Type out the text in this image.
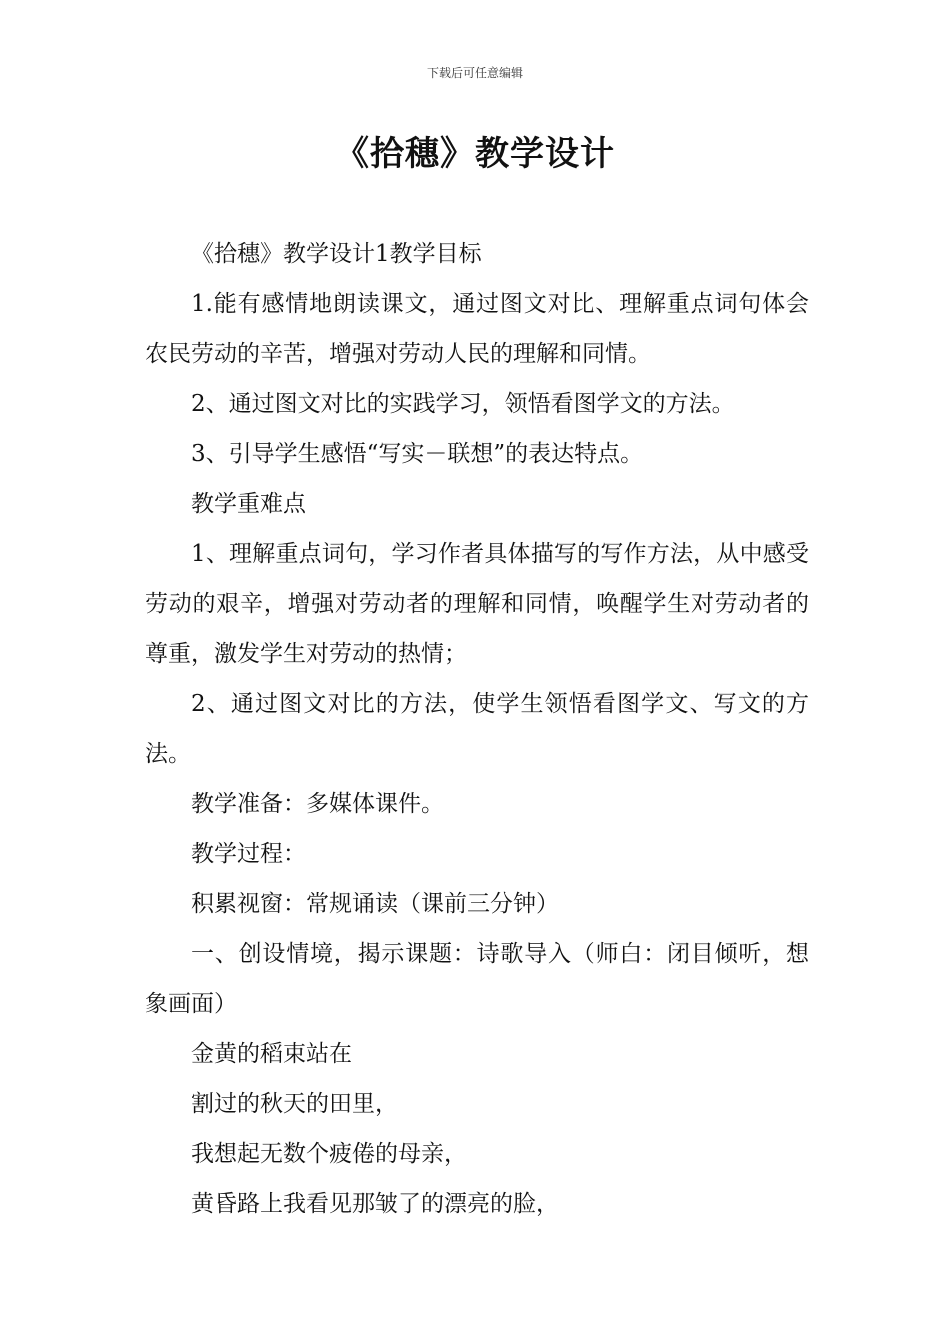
下载后可任意编辑
《拾穗》教学设计

《拾穗》教学设计1教学目标

1.能有感情地朗读课文，通过图文对比、理解重点词句体会农民劳动的辛苦，增强对劳动人民的理解和同情。

2、通过图文对比的实践学习，领悟看图学文的方法。

3、引导学生感悟“写实－联想”的表达特点。

教学重难点

1、理解重点词句，学习作者具体描写的写作方法，从中感受劳动的艰辛，增强对劳动者的理解和同情，唤醒学生对劳动者的尊重，激发学生对劳动的热情；

2、通过图文对比的方法，使学生领悟看图学文、写文的方法。

教学准备：多媒体课件。

教学过程：

积累视窗：常规诵读（课前三分钟）

一、创设情境，揭示课题：诗歌导入（师白：闭目倾听，想象画面）

金黄的稻束站在

割过的秋天的田里，

我想起无数个疲倦的母亲，

黄昏路上我看见那皱了的漂亮的脸，
